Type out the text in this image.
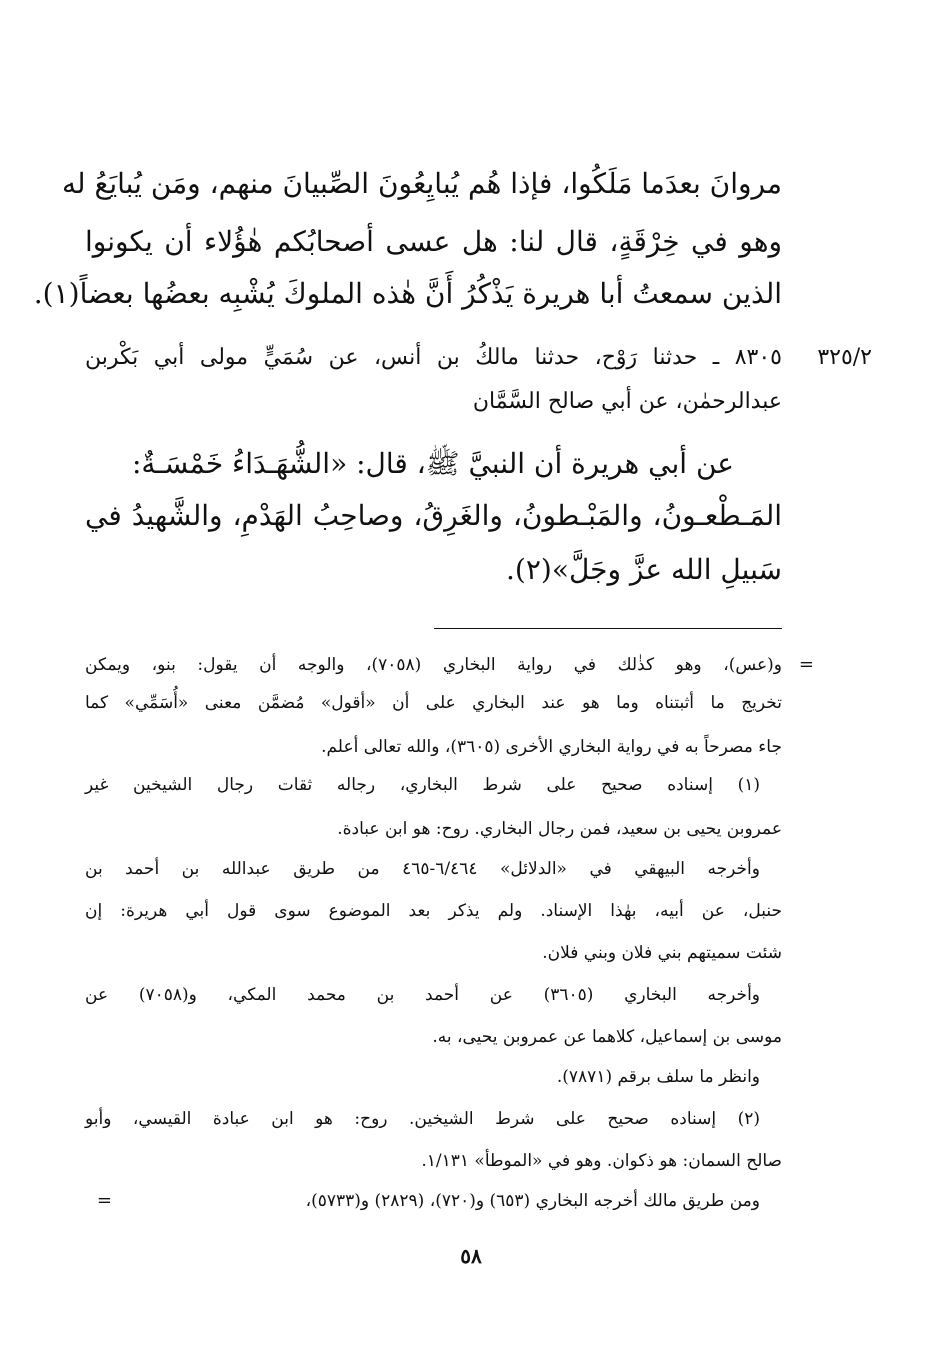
مروانَ بعدَما مَلَكُوا، فإذا هُم يُبايِعُونَ الصِّبيانَ منهم، ومَن يُبايَعُ له
وهو في خِرْقَةٍ، قال لنا: هل عسى أصحابُكم هٰؤُلاء أن يكونوا
الذين سمعتُ أبا هريرة يَذْكُرُ أَنَّ هٰذه الملوكَ يُشْبِه بعضُها بعضاً(١).
٣٢٥/٢
٨٣٠٥ ـ حدثنا رَوْح، حدثنا مالكُ بن أنس، عن سُمَيٍّ مولى أبي بَكْربن
عبدالرحمٰن، عن أبي صالح السَّمَّان
عن أبي هريرة أن النبيَّ ﷺ، قال: «الشُّهَـدَاءُ خَمْسَـةٌ:
المَـطْعـونُ، والمَبْـطونُ، والغَرِقُ، وصاحِبُ الهَدْمِ، والشَّهيدُ في
سَبيلِ الله عزَّ وجَلَّ»(٢).
=
و(عس)، وهو كذٰلك في رواية البخاري (٧٠٥٨)، والوجه أن يقول: بنو، ويمكن
تخريج ما أثبتناه وما هو عند البخاري على أن «أقول» مُضمَّن معنى «أُسَمِّي» كما
جاء مصرحاً به في رواية البخاري الأخرى (٣٦٠٥)، والله تعالى أعلم.
(١) إسناده صحيح على شرط البخاري، رجاله ثقات رجال الشيخين غير
عمروبن يحيى بن سعيد، فمن رجال البخاري. روح: هو ابن عبادة.
وأخرجه البيهقي في «الدلائل» ٦/٤٦٤-٤٦٥ من طريق عبدالله بن أحمد بن
حنبل، عن أبيه، بهٰذا الإسناد. ولم يذكر بعد الموضوع سوى قول أبي هريرة: إن
شئت سميتهم بني فلان وبني فلان.
وأخرجه البخاري (٣٦٠٥) عن أحمد بن محمد المكي، و(٧٠٥٨) عن
موسى بن إسماعيل، كلاهما عن عمروبن يحيى، به.
وانظر ما سلف برقم (٧٨٧١).
(٢) إسناده صحيح على شرط الشيخين. روح: هو ابن عبادة القيسي، وأبو
صالح السمان: هو ذكوان. وهو في «الموطأ» ١/١٣١.
ومن طريق مالك أخرجه البخاري (٦٥٣) و(٧٢٠)، (٢٨٢٩) و(٥٧٣٣)،
=
٥٨
